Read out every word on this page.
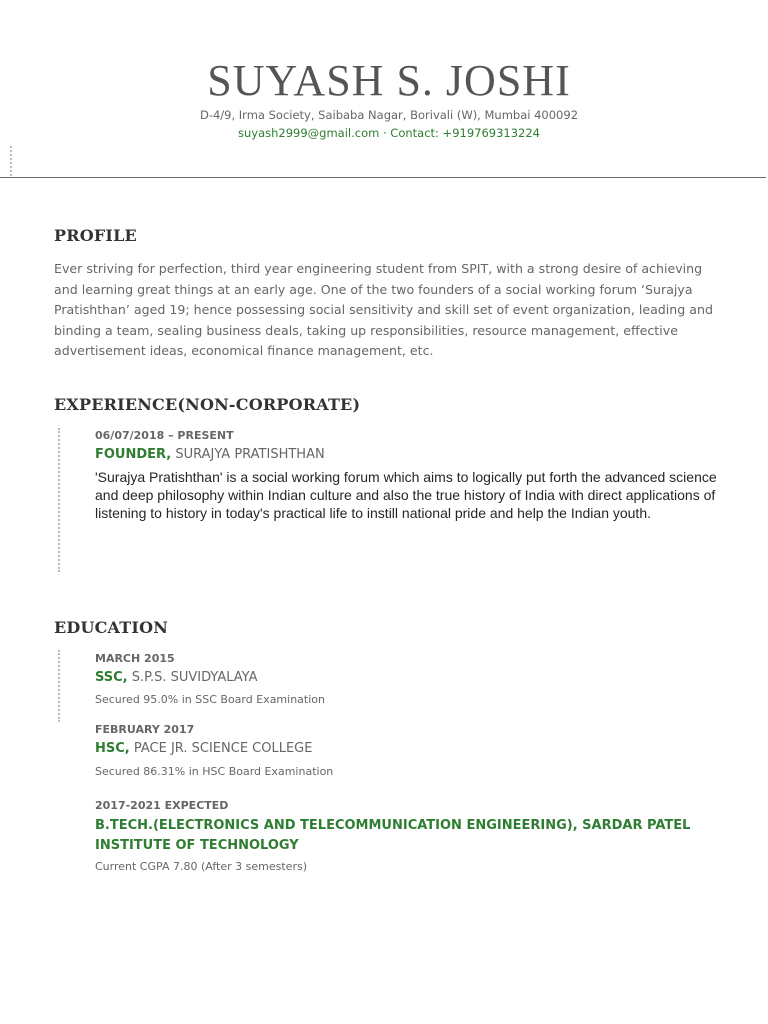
SUYASH S. JOSHI
D-4/9, Irma Society, Saibaba Nagar, Borivali (W), Mumbai 400092
suyash2999@gmail.com · Contact: +919769313224
PROFILE
Ever striving for perfection, third year engineering student from SPIT, with a strong desire of achieving and learning great things at an early age. One of the two founders of a social working forum ‘Surajya Pratishthan’ aged 19; hence possessing social sensitivity and skill set of event organization, leading and binding a team, sealing business deals, taking up responsibilities, resource management, effective advertisement ideas, economical finance management, etc.
EXPERIENCE(NON-CORPORATE)
06/07/2018 – PRESENT
FOUNDER, SURAJYA PRATISHTHAN
'Surajya Pratishthan' is a social working forum which aims to logically put forth the advanced science and deep philosophy within Indian culture and also the true history of India with direct applications of listening to history in today's practical life to instill national pride and help the Indian youth.
EDUCATION
MARCH 2015
SSC, S.P.S. SUVIDYALAYA
Secured 95.0% in SSC Board Examination
FEBRUARY 2017
HSC, PACE JR. SCIENCE COLLEGE
Secured 86.31% in HSC Board Examination
2017-2021 EXPECTED
B.TECH.(ELECTRONICS AND TELECOMMUNICATION ENGINEERING), SARDAR PATEL INSTITUTE OF TECHNOLOGY
Current CGPA 7.80 (After 3 semesters)
